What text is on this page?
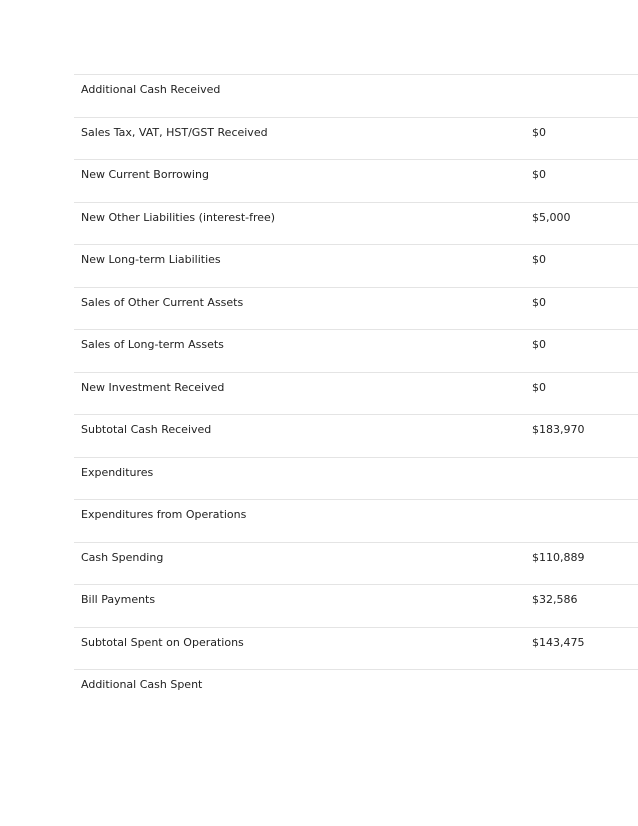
Additional Cash Received
Sales Tax, VAT, HST/GST Received	$0
New Current Borrowing	$0
New Other Liabilities (interest-free)	$5,000
New Long-term Liabilities	$0
Sales of Other Current Assets	$0
Sales of Long-term Assets	$0
New Investment Received	$0
Subtotal Cash Received	$183,970
Expenditures
Expenditures from Operations
Cash Spending	$110,889
Bill Payments	$32,586
Subtotal Spent on Operations	$143,475
Additional Cash Spent
